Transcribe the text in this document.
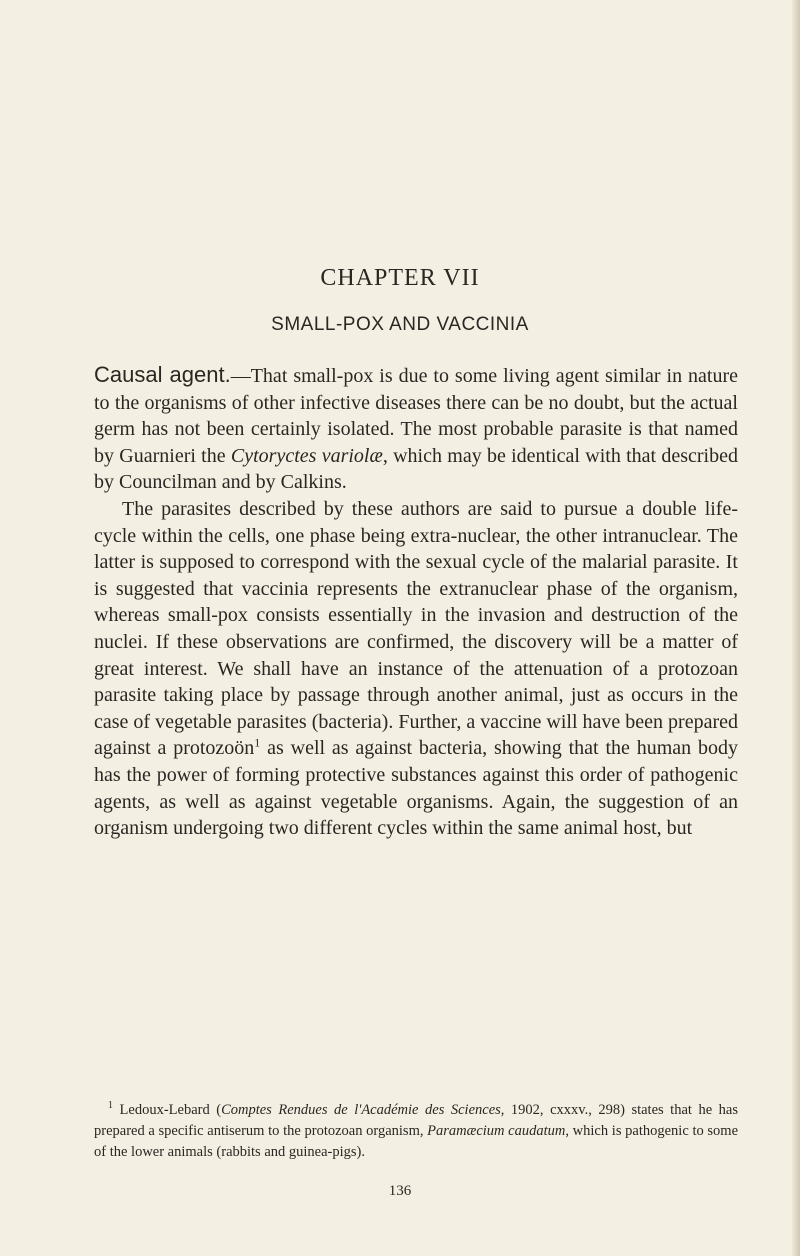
CHAPTER VII
SMALL-POX AND VACCINIA

Causal agent.—That small-pox is due to some living agent similar in nature to the organisms of other infective diseases there can be no doubt, but the actual germ has not been certainly isolated. The most probable parasite is that named by Guarnieri the Cytoryctes variolæ, which may be identical with that described by Councilman and by Calkins.

The parasites described by these authors are said to pursue a double life-cycle within the cells, one phase being extra-nuclear, the other intranuclear. The latter is supposed to correspond with the sexual cycle of the malarial parasite. It is suggested that vaccinia represents the extranuclear phase of the organism, whereas small-pox consists essentially in the invasion and destruction of the nuclei. If these observations are confirmed, the discovery will be a matter of great interest. We shall have an instance of the attenuation of a protozoan parasite taking place by passage through another animal, just as occurs in the case of vegetable parasites (bacteria). Further, a vaccine will have been prepared against a protozoön$^1$ as well as against bacteria, showing that the human body has the power of forming protective substances against this order of pathogenic agents, as well as against vegetable organisms. Again, the suggestion of an organism undergoing two different cycles within the same animal host, but

$^1$ Ledoux-Lebard (Comptes Rendues de l'Académie des Sciences, 1902, cxxxv., 298) states that he has prepared a specific antiserum to the protozoan organism, Paramæcium caudatum, which is pathogenic to some of the lower animals (rabbits and guinea-pigs).

136
